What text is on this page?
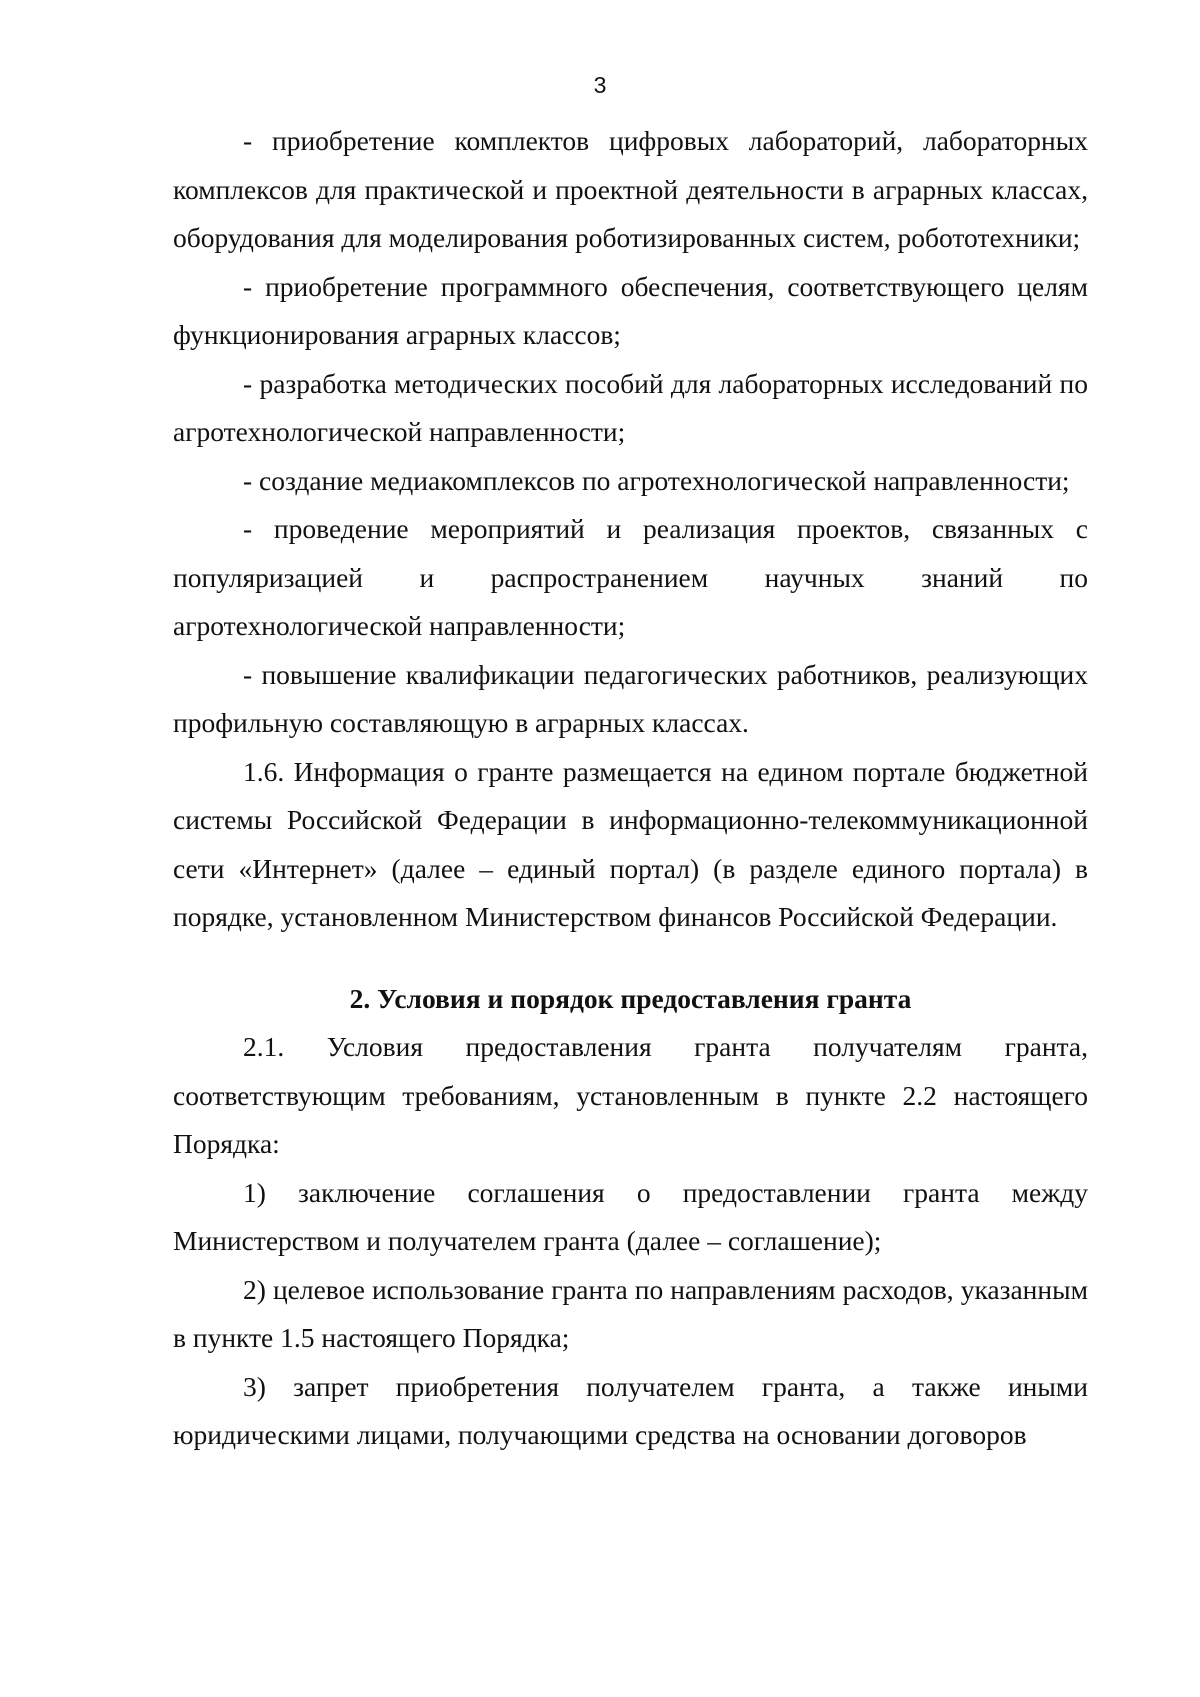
3

- приобретение комплектов цифровых лабораторий, лабораторных комплексов для практической и проектной деятельности в аграрных классах, оборудования для моделирования роботизированных систем, робототехники;

- приобретение программного обеспечения, соответствующего целям функционирования аграрных классов;

- разработка методических пособий для лабораторных исследований по агротехнологической направленности;

- создание медиакомплексов по агротехнологической направленности;

- проведение мероприятий и реализация проектов, связанных с популяризацией и распространением научных знаний по агротехнологической направленности;

- повышение квалификации педагогических работников, реализующих профильную составляющую в аграрных классах.

1.6. Информация о гранте размещается на едином портале бюджетной системы Российской Федерации в информационно-телекоммуникационной сети «Интернет» (далее – единый портал) (в разделе единого портала) в порядке, установленном Министерством финансов Российской Федерации.

2. Условия и порядок предоставления гранта

2.1. Условия предоставления гранта получателям гранта, соответствующим требованиям, установленным в пункте 2.2 настоящего Порядка:

1) заключение соглашения о предоставлении гранта между Министерством и получателем гранта (далее – соглашение);

2) целевое использование гранта по направлениям расходов, указанным в пункте 1.5 настоящего Порядка;

3) запрет приобретения получателем гранта, а также иными юридическими лицами, получающими средства на основании договоров
